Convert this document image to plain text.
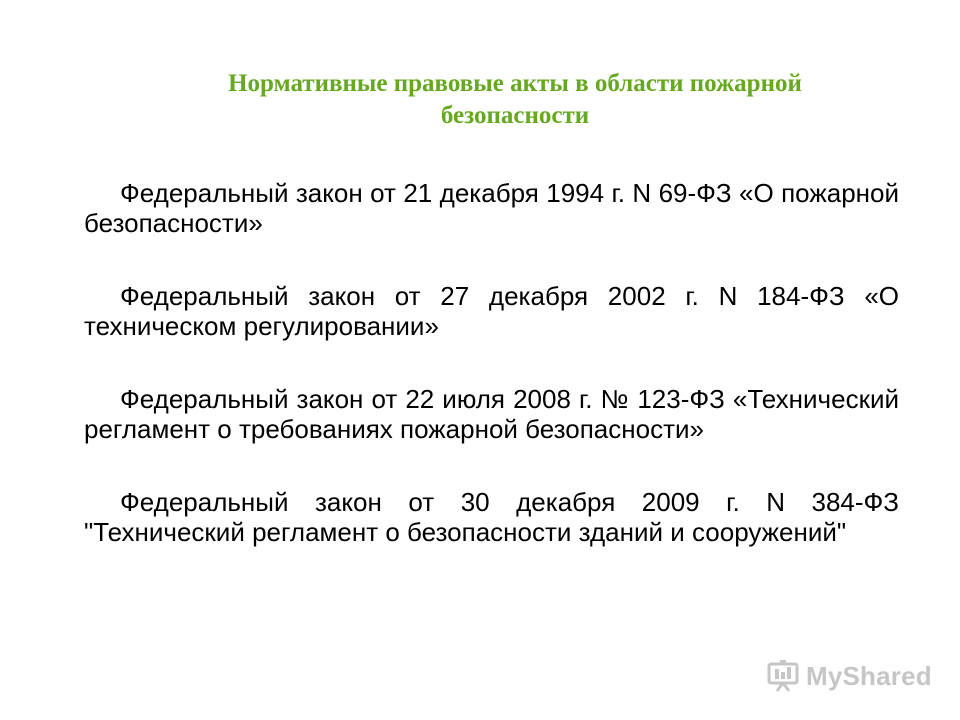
Нормативные правовые акты в области пожарной
безопасности

Федеральный закон от 21 декабря 1994 г. N 69-ФЗ «О пожарной безопасности»

Федеральный закон от 27 декабря 2002 г. N 184-ФЗ «О техническом регулировании»

Федеральный закон от 22 июля 2008 г. № 123-ФЗ «Технический регламент о требованиях пожарной безопасности»

Федеральный закон от 30 декабря 2009 г. N 384-ФЗ "Технический регламент о безопасности зданий и сооружений"

MyShared
